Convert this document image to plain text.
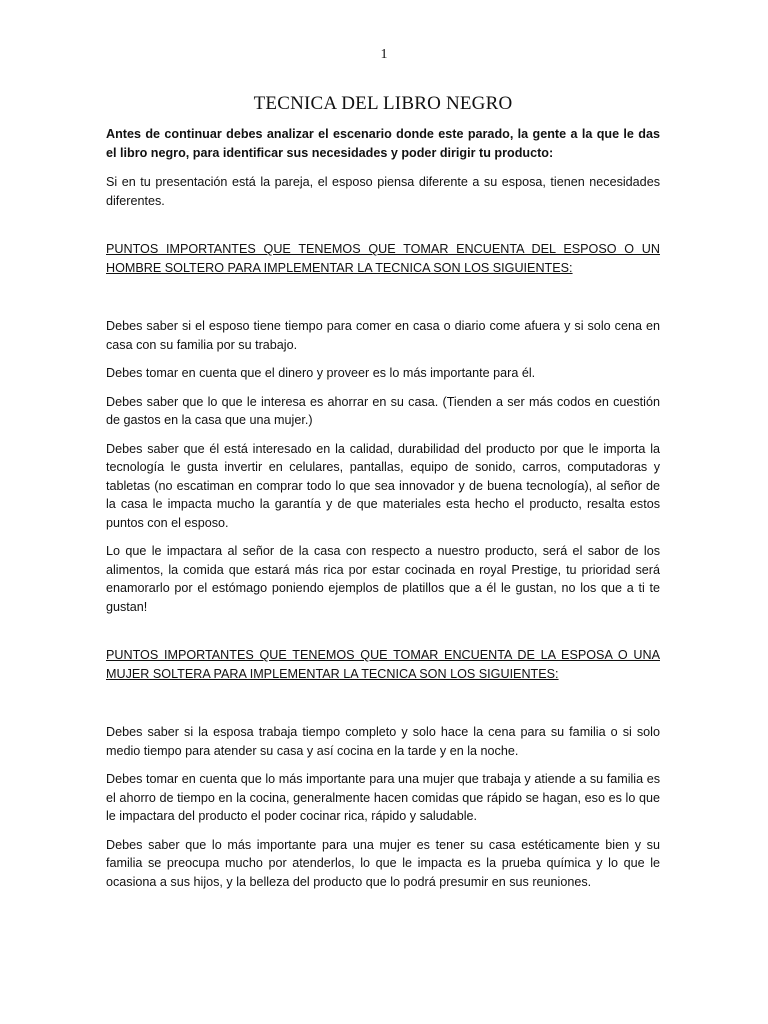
1
TECNICA DEL LIBRO NEGRO

Antes de continuar debes analizar el escenario donde este parado, la gente a la que le das el libro negro, para identificar sus necesidades y poder dirigir tu producto:

Si en tu presentación está la pareja, el esposo piensa diferente a su esposa, tienen necesidades diferentes.

PUNTOS IMPORTANTES QUE TENEMOS QUE TOMAR ENCUENTA DEL ESPOSO O UN HOMBRE SOLTERO PARA IMPLEMENTAR LA TECNICA SON LOS SIGUIENTES:

Debes saber si el esposo tiene tiempo para comer en casa o diario come afuera y si solo cena en casa con su familia por su trabajo.

Debes tomar en cuenta que el dinero y proveer es lo más importante para él.

Debes saber que lo que le interesa es ahorrar en su casa. (Tienden a ser más codos en cuestión de gastos en la casa que una mujer.)

Debes saber que él está interesado en la calidad, durabilidad del producto por que le importa la tecnología le gusta invertir en celulares, pantallas, equipo de sonido, carros, computadoras y tabletas (no escatiman en comprar todo lo que sea innovador y de buena tecnología), al señor de la casa le impacta mucho la garantía y de que materiales esta hecho el producto, resalta estos puntos con el esposo.

Lo que le impactara al señor de la casa con respecto a nuestro producto, será el sabor de los alimentos, la comida que estará más rica por estar cocinada en royal Prestige, tu prioridad será enamorarlo por el estómago poniendo ejemplos de platillos que a él le gustan, no los que a ti te gustan!

PUNTOS IMPORTANTES QUE TENEMOS QUE TOMAR ENCUENTA DE LA ESPOSA O UNA MUJER SOLTERA PARA IMPLEMENTAR LA TECNICA SON LOS SIGUIENTES:

Debes saber si la esposa trabaja tiempo completo y solo hace la cena para su familia o si solo medio tiempo para atender su casa y así cocina en la tarde y en la noche.

Debes tomar en cuenta que lo más importante para una mujer que trabaja y atiende a su familia es el ahorro de tiempo en la cocina, generalmente hacen comidas que rápido se hagan, eso es lo que le impactara del producto el poder cocinar rica, rápido y saludable.

Debes saber que lo más importante para una mujer es tener su casa estéticamente bien y su familia se preocupa mucho por atenderlos, lo que le impacta es la prueba química y lo que le ocasiona a sus hijos, y la belleza del producto que lo podrá presumir en sus reuniones.
